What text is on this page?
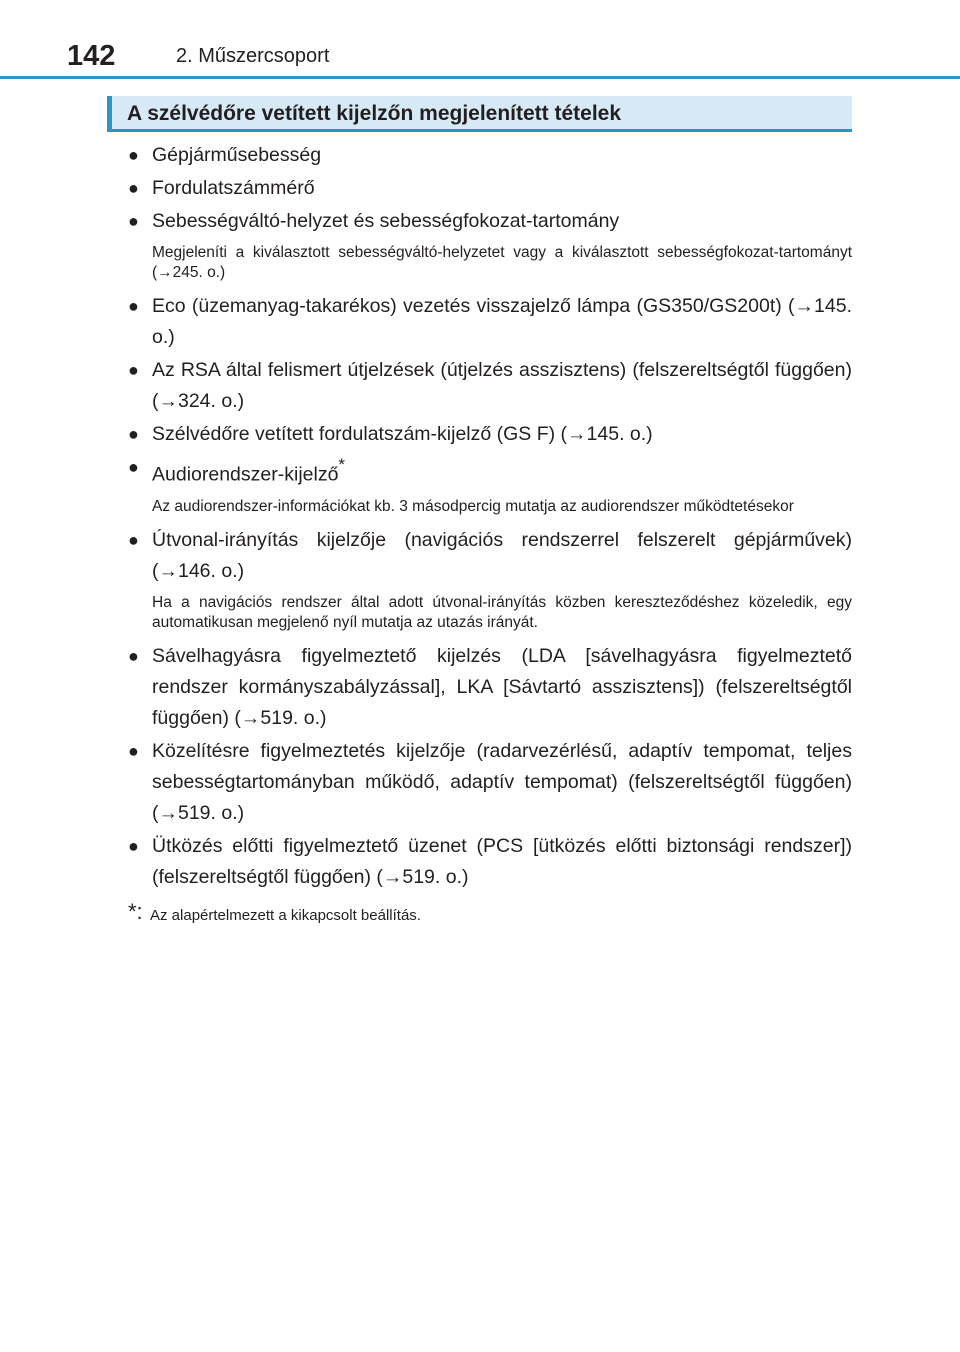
142	2. Műszercsoport
A szélvédőre vetített kijelzőn megjelenített tételek

● Gépjárműsebesség

● Fordulatszámmérő

● Sebességváltó-helyzet és sebességfokozat-tartomány

Megjeleníti a kiválasztott sebességváltó-helyzetet vagy a kiválasztott sebességfokozat-tartományt (→245. o.)

● Eco (üzemanyag-takarékos) vezetés visszajelző lámpa (GS350/GS200t) (→145. o.)

● Az RSA által felismert útjelzések (útjelzés asszisztens) (felszereltségtől függően) (→324. o.)

● Szélvédőre vetített fordulatszám-kijelző (GS F) (→145. o.)

● Audiorendszer-kijelző*

Az audiorendszer-információkat kb. 3 másodpercig mutatja az audiorendszer működtetésekor

● Útvonal-irányítás kijelzője (navigációs rendszerrel felszerelt gépjárművek) (→146. o.)

Ha a navigációs rendszer által adott útvonal-irányítás közben kereszteződéshez közeledik, egy automatikusan megjelenő nyíl mutatja az utazás irányát.

● Sávelhagyásra figyelmeztető kijelzés (LDA [sávelhagyásra figyelmeztető rendszer kormányszabályzással], LKA [Sávtartó asszisztens]) (felszereltségtől függően) (→519. o.)

● Közelítésre figyelmeztetés kijelzője (radarvezérlésű, adaptív tempomat, teljes sebességtartományban működő, adaptív tempomat) (felszereltségtől függően) (→519. o.)

● Ütközés előtti figyelmeztető üzenet (PCS [ütközés előtti biztonsági rendszer]) (felszereltségtől függően) (→519. o.)

*: Az alapértelmezett a kikapcsolt beállítás.
